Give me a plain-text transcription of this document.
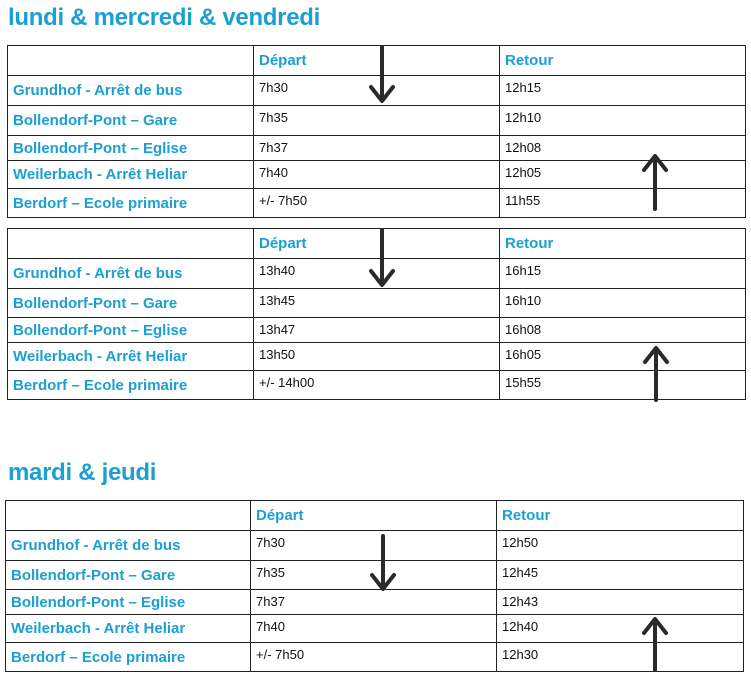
lundi & mercredi & vendredi
	Départ	Retour
Grundhof - Arrêt de bus	7h30	12h15
Bollendorf-Pont – Gare	7h35	12h10
Bollendorf-Pont – Eglise	7h37	12h08
Weilerbach - Arrêt Heliar	7h40	12h05
Berdorf – Ecole primaire	+/- 7h50	11h55
	Départ	Retour
Grundhof - Arrêt de bus	13h40	16h15
Bollendorf-Pont – Gare	13h45	16h10
Bollendorf-Pont – Eglise	13h47	16h08
Weilerbach - Arrêt Heliar	13h50	16h05
Berdorf – Ecole primaire	+/- 14h00	15h55
mardi & jeudi
	Départ	Retour
Grundhof - Arrêt de bus	7h30	12h50
Bollendorf-Pont – Gare	7h35	12h45
Bollendorf-Pont – Eglise	7h37	12h43
Weilerbach - Arrêt Heliar	7h40	12h40
Berdorf – Ecole primaire	+/- 7h50	12h30
